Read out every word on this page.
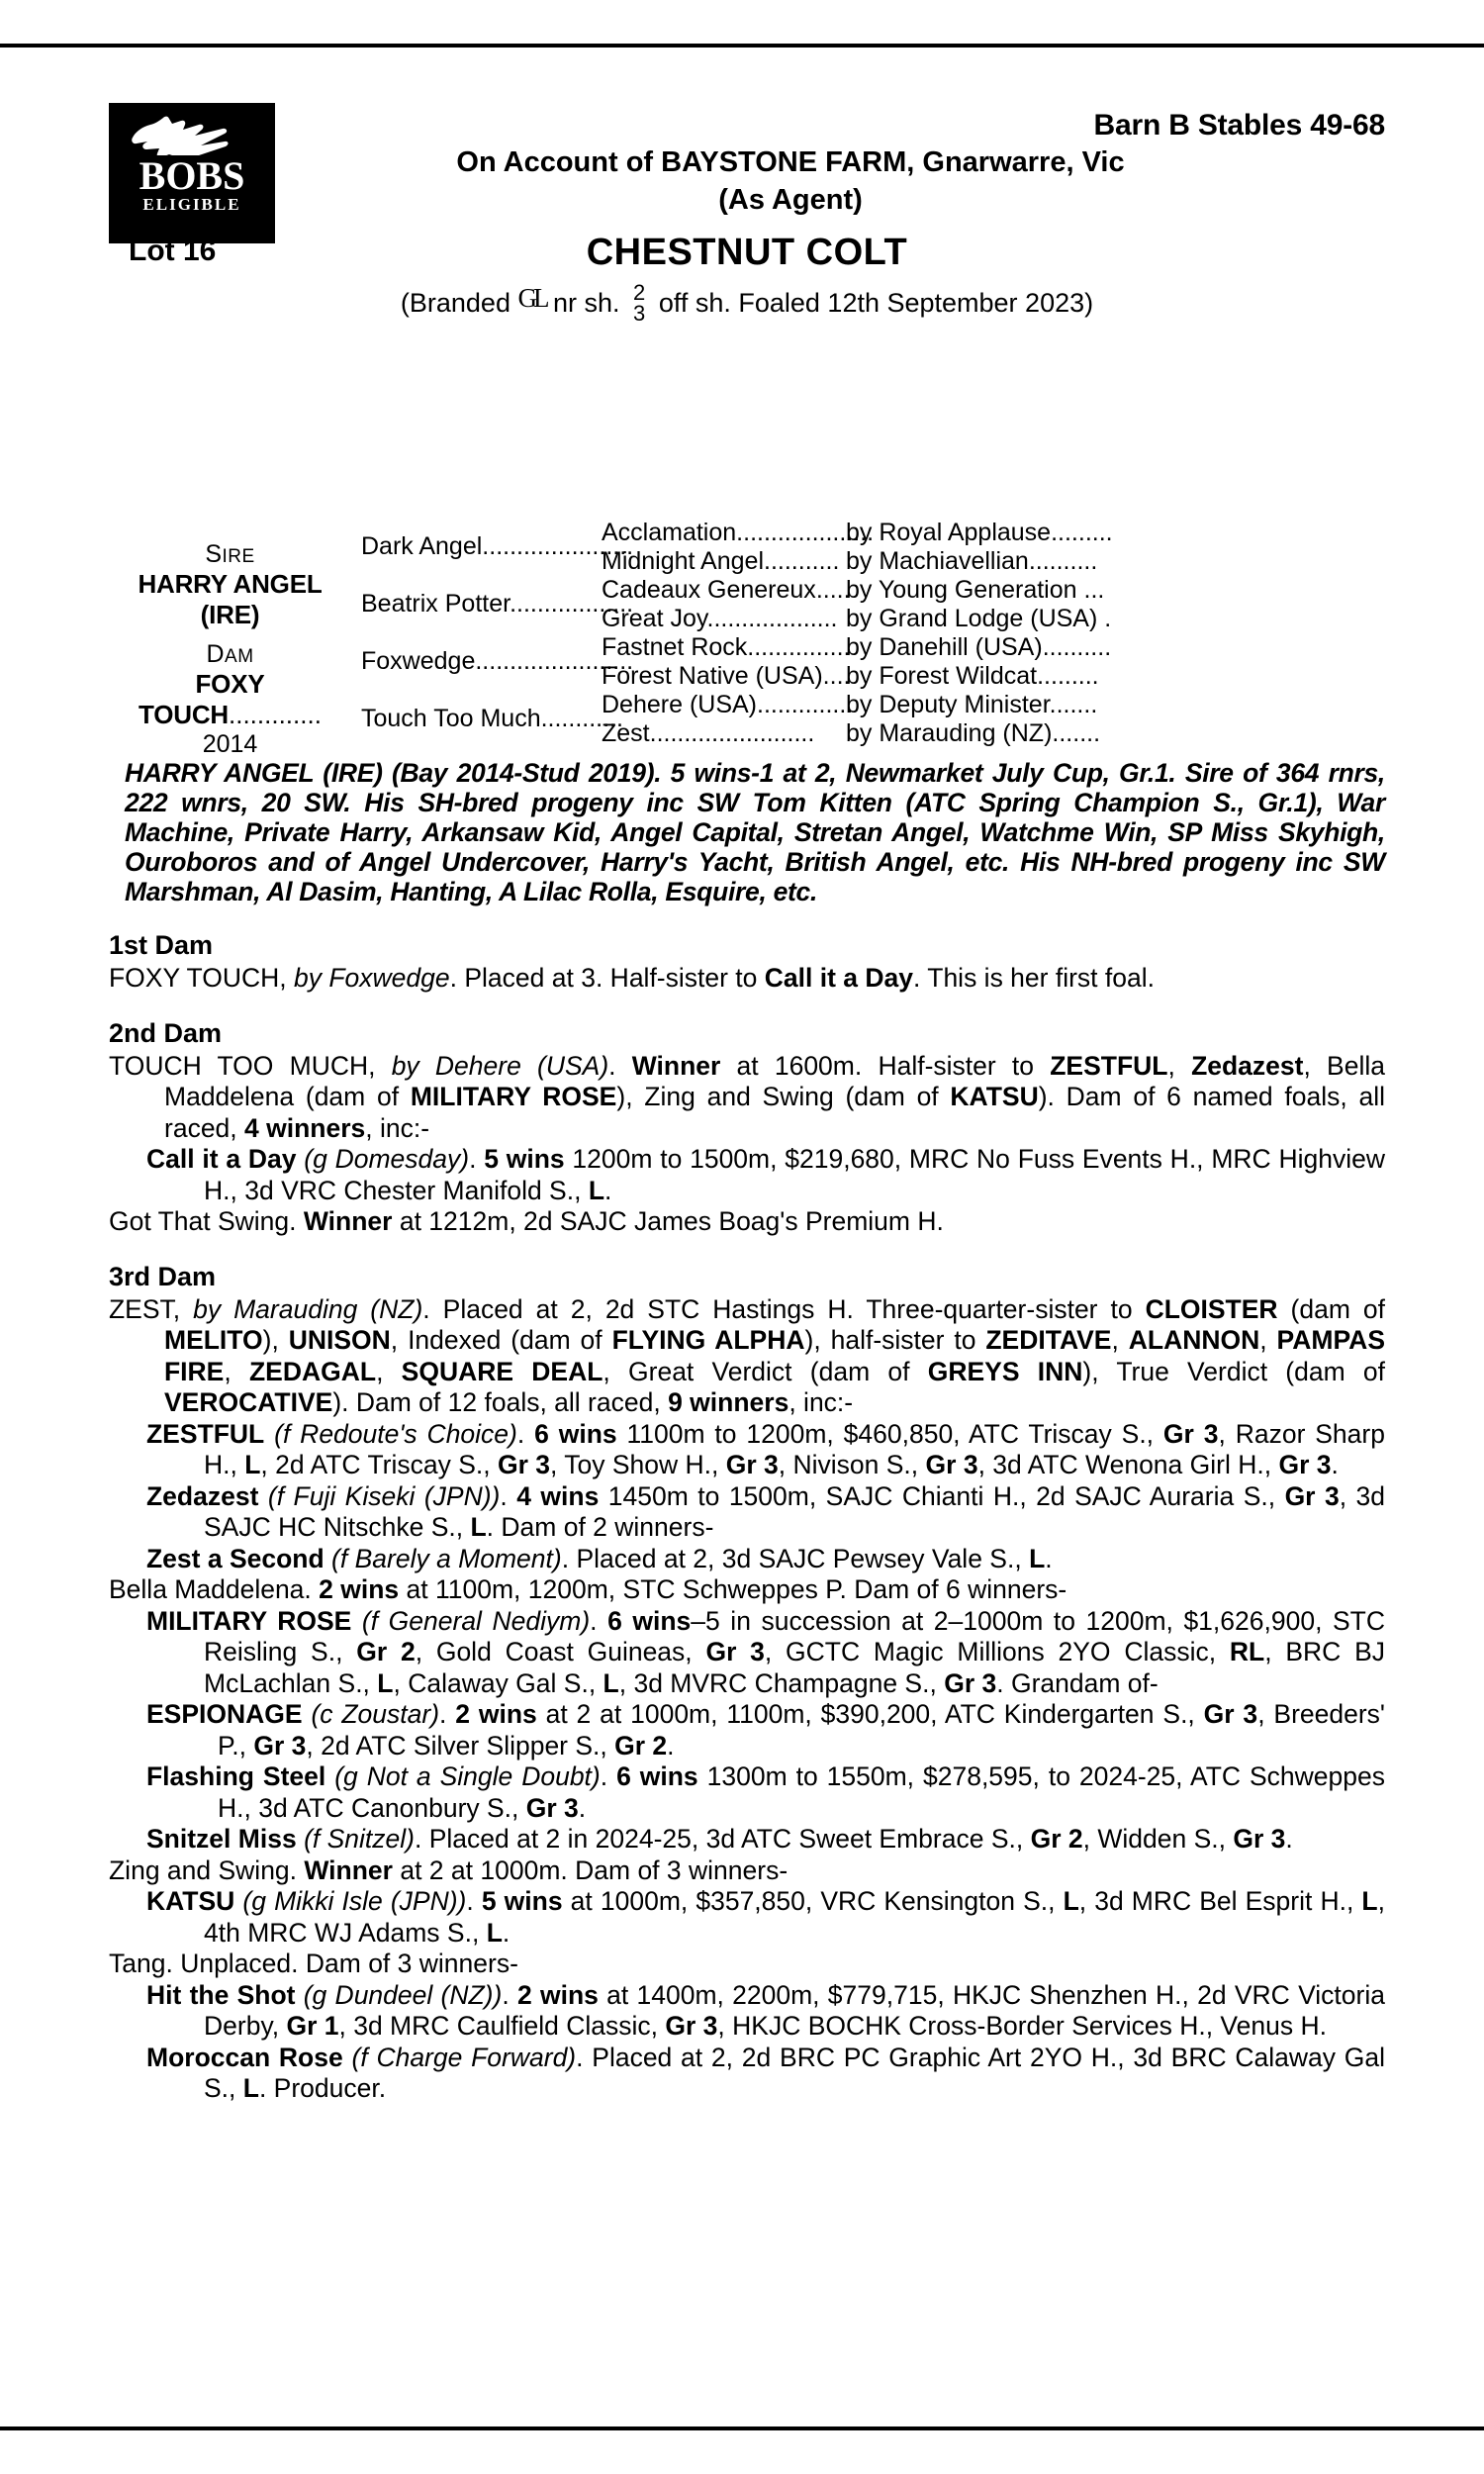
BOBS
ELIGIBLE
Barn B Stables 49-68
On Account of BAYSTONE FARM, Gnarwarre, Vic
(As Agent)
Lot 16	CHESTNUT COLT
(Branded GL nr sh. 2
3 off sh. Foaled 12th September 2023)
SIRE
HARRY ANGEL (IRE)
DAM
FOXY TOUCH.............
2014
Dark Angel......................
Beatrix Potter..................
Foxwedge.......................
Touch Too Much............
Acclamation....................
Midnight Angel...........
Cadeaux Genereux.....
Great Joy...................
Fastnet Rock...............
Forest Native (USA)....
Dehere (USA)..............
Zest........................
by Royal Applause.........
by Machiavellian..........
by Young Generation ...
by Grand Lodge (USA) .
by Danehill (USA)..........
by Forest Wildcat.........
by Deputy Minister.......
by Marauding (NZ).......
HARRY ANGEL (IRE) (Bay 2014-Stud 2019). 5 wins-1 at 2, Newmarket July Cup, Gr.1. Sire of 364 rnrs, 222 wnrs, 20 SW. His SH-bred progeny inc SW Tom Kitten (ATC Spring Champion S., Gr.1), War Machine, Private Harry, Arkansaw Kid, Angel Capital, Stretan Angel, Watchme Win, SP Miss Skyhigh, Ouroboros and of Angel Undercover, Harry's Yacht, British Angel, etc. His NH-bred progeny inc SW Marshman, Al Dasim, Hanting, A Lilac Rolla, Esquire, etc.
1st Dam
FOXY TOUCH, by Foxwedge. Placed at 3. Half-sister to Call it a Day. This is her first foal.
2nd Dam
TOUCH TOO MUCH, by Dehere (USA). Winner at 1600m. Half-sister to ZESTFUL, Zedazest, Bella Maddelena (dam of MILITARY ROSE), Zing and Swing (dam of KATSU). Dam of 6 named foals, all raced, 4 winners, inc:-
Call it a Day (g Domesday). 5 wins 1200m to 1500m, $219,680, MRC No Fuss Events H., MRC Highview H., 3d VRC Chester Manifold S., L.
Got That Swing. Winner at 1212m, 2d SAJC James Boag's Premium H.
3rd Dam
ZEST, by Marauding (NZ). Placed at 2, 2d STC Hastings H. Three-quarter-sister to CLOISTER (dam of MELITO), UNISON, Indexed (dam of FLYING ALPHA), half-sister to ZEDITAVE, ALANNON, PAMPAS FIRE, ZEDAGAL, SQUARE DEAL, Great Verdict (dam of GREYS INN), True Verdict (dam of VEROCATIVE). Dam of 12 foals, all raced, 9 winners, inc:-
ZESTFUL (f Redoute's Choice). 6 wins 1100m to 1200m, $460,850, ATC Triscay S., Gr 3, Razor Sharp H., L, 2d ATC Triscay S., Gr 3, Toy Show H., Gr 3, Nivison S., Gr 3, 3d ATC Wenona Girl H., Gr 3.
Zedazest (f Fuji Kiseki (JPN)). 4 wins 1450m to 1500m, SAJC Chianti H., 2d SAJC Auraria S., Gr 3, 3d SAJC HC Nitschke S., L. Dam of 2 winners-
Zest a Second (f Barely a Moment). Placed at 2, 3d SAJC Pewsey Vale S., L.
Bella Maddelena. 2 wins at 1100m, 1200m, STC Schweppes P. Dam of 6 winners-
MILITARY ROSE (f General Nediym). 6 wins–5 in succession at 2–1000m to 1200m, $1,626,900, STC Reisling S., Gr 2, Gold Coast Guineas, Gr 3, GCTC Magic Millions 2YO Classic, RL, BRC BJ McLachlan S., L, Calaway Gal S., L, 3d MVRC Champagne S., Gr 3. Grandam of-
ESPIONAGE (c Zoustar). 2 wins at 2 at 1000m, 1100m, $390,200, ATC Kindergarten S., Gr 3, Breeders' P., Gr 3, 2d ATC Silver Slipper S., Gr 2.
Flashing Steel (g Not a Single Doubt). 6 wins 1300m to 1550m, $278,595, to 2024-25, ATC Schweppes H., 3d ATC Canonbury S., Gr 3.
Snitzel Miss (f Snitzel). Placed at 2 in 2024-25, 3d ATC Sweet Embrace S., Gr 2, Widden S., Gr 3.
Zing and Swing. Winner at 2 at 1000m. Dam of 3 winners-
KATSU (g Mikki Isle (JPN)). 5 wins at 1000m, $357,850, VRC Kensington S., L, 3d MRC Bel Esprit H., L, 4th MRC WJ Adams S., L.
Tang. Unplaced. Dam of 3 winners-
Hit the Shot (g Dundeel (NZ)). 2 wins at 1400m, 2200m, $779,715, HKJC Shenzhen H., 2d VRC Victoria Derby, Gr 1, 3d MRC Caulfield Classic, Gr 3, HKJC BOCHK Cross-Border Services H., Venus H.
Moroccan Rose (f Charge Forward). Placed at 2, 2d BRC PC Graphic Art 2YO H., 3d BRC Calaway Gal S., L. Producer.
